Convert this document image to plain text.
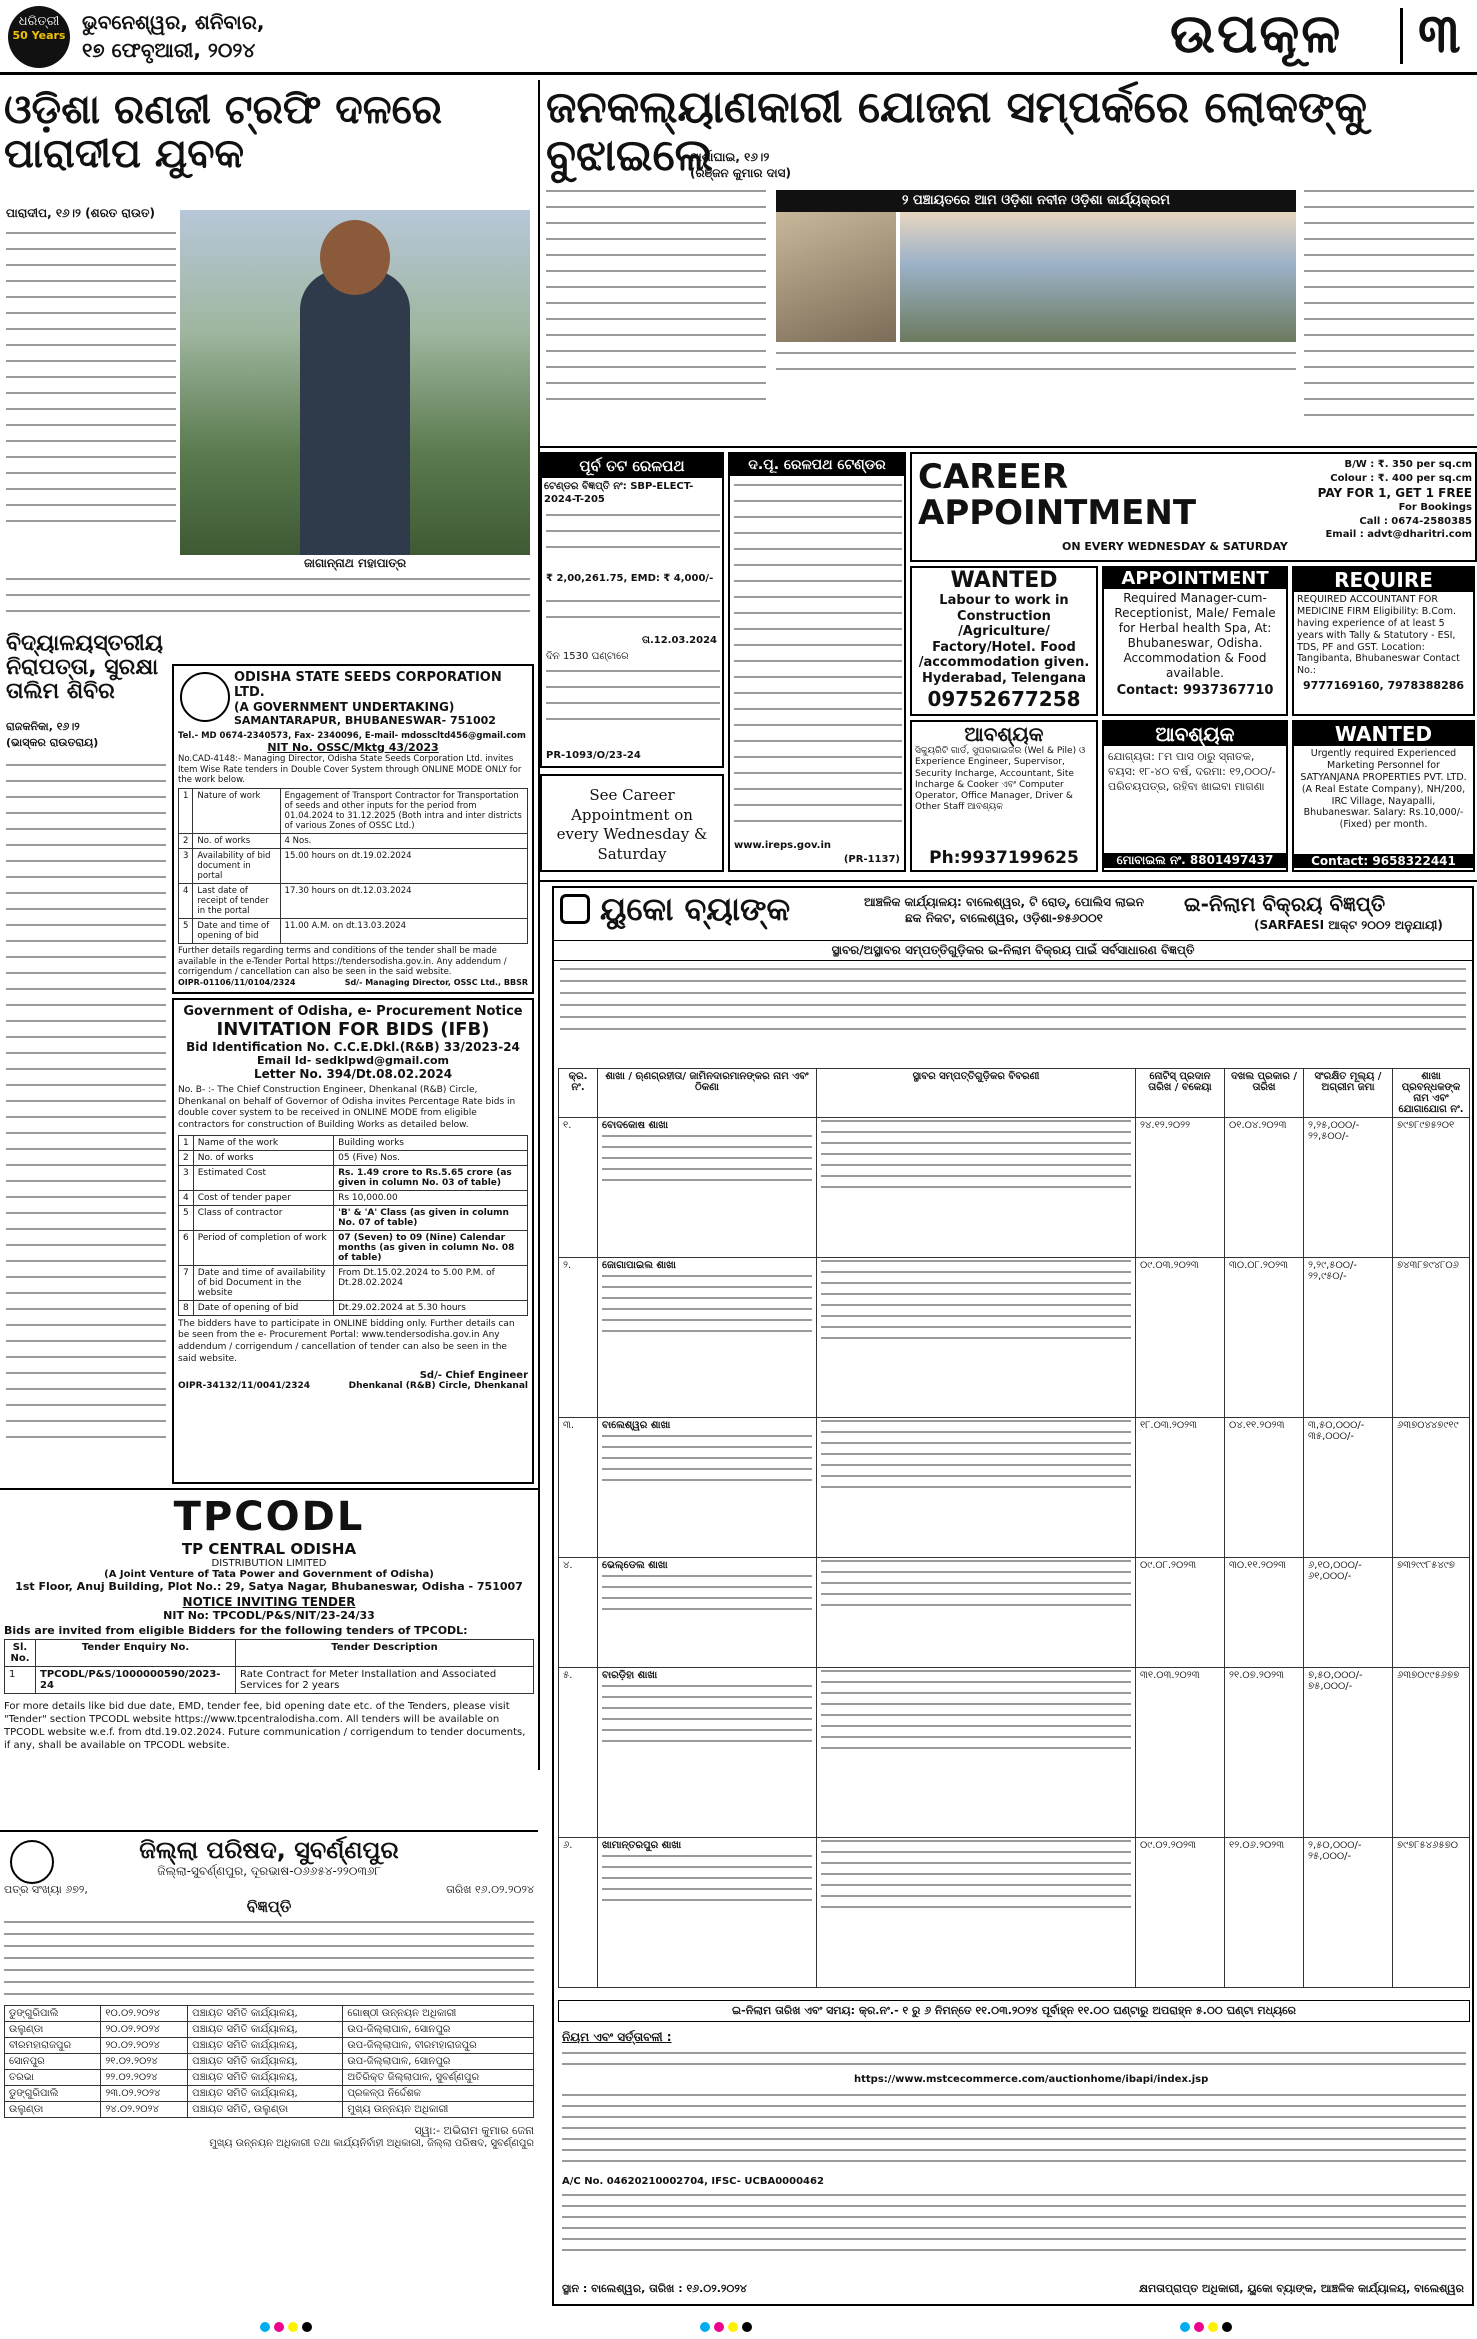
ଧରିତ୍ରୀ
50 Years
ଭୁବନେଶ୍ୱର, ଶନିବାର,
୧୭ ଫେବୃଆରୀ, ୨୦୨୪	ଉପକୂଳ ୩
ଓଡ଼ିଶା ରଣଜୀ ଟ୍ରଫି ଦଳରେ ପାରାଦୀପ ଯୁବକ
ପାରାଦୀପ, ୧୬।୨ (ଶରତ ରାଉତ)
ଜାଗାନ୍ନାଥ ମହାପାତ୍ର
ଜନକଲ୍ୟାଣକାରୀ ଯୋଜନା ସମ୍ପର୍କରେ ଲୋକଙ୍କୁ ବୁଝାଇଲେ
ମାର୍ଶାଘାଇ, ୧୬।୨
(ରଞ୍ଜନ କୁମାର ଦାସ)
୨ ପଞ୍ଚାୟତରେ ଆମ ଓଡ଼ିଶା ନବୀନ ଓଡ଼ିଶା କାର୍ଯ୍ୟକ୍ରମ
ପୂର୍ବ ତଟ ରେଳପଥ
ଟେଣ୍ଡର ବିଜ୍ଞପ୍ତି ନଂ: SBP-ELECT-2024-T-205
₹ 2,00,261.75, EMD: ₹ 4,000/-
ତା.12.03.2024
ଦିନ 1530 ଘଣ୍ଟାରେ
PR-1093/O/23-24
ଦ.ପୂ. ରେଳପଥ ଟେଣ୍ଡର
www.ireps.gov.in
(PR-1137)
See Career Appointment on every Wednesday & Saturday
CAREER APPOINTMENT
ON EVERY WEDNESDAY & SATURDAY
B/W : ₹. 350 per sq.cm
Colour : ₹. 400 per sq.cm
PAY FOR 1, GET 1 FREE
For Bookings
Call : 0674-2580385
Email : advt@dharitri.com
WANTED
Labour to work in Construction /Agriculture/ Factory/Hotel. Food /accommodation given. Hyderabad, Telengana
09752677258
APPOINTMENT
Required Manager-cum-Receptionist, Male/ Female for Herbal health Spa, At: Bhubaneswar, Odisha. Accommodation & Food available.
Contact: 9937367710
REQUIRE
REQUIRED ACCOUNTANT FOR MEDICINE FIRM Eligibility: B.Com. having experience of at least 5 years with Tally & Statutory - ESI, TDS, PF and GST. Location: Tangibanta, Bhubaneswar Contact No.:
9777169160, 7978388286
ଆବଶ୍ୟକ
ସିକ୍ୟୁରିଟି ଗାର୍ଡ, ସୁପରଭାଇଜର (Wel & Pile) ଓ Experience Engineer, Supervisor, Security Incharge, Accountant, Site Incharge & Cooker ଏବଂ Computer Operator, Office Manager, Driver & Other Staff ଆବଶ୍ୟକ
Ph:9937199625
ଆବଶ୍ୟକ
ଯୋଗ୍ୟତା: ୮ମ ପାସ ଠାରୁ ସ୍ନାତକ, ବୟସ: ୧୮-୪୦ ବର୍ଷ, ଦରମା: ୧୨,୦୦୦/- ପରିଚୟପତ୍ର, ରହିବା ଖାଇବା ମାଗଣା
ମୋବାଇଲ ନଂ. 8801497437
WANTED
Urgently required Experienced Marketing Personnel for SATYANJANA PROPERTIES PVT. LTD. (A Real Estate Company), NH/200, IRC Village, Nayapalli, Bhubaneswar. Salary: Rs.10,000/- (Fixed) per month.
Contact: 9658322441
ବିଦ୍ୟାଳୟସ୍ତରୀୟ ନିରାପତ୍ତା, ସୁରକ୍ଷା ତାଲିମ ଶିବିର
ରାଜକନିକା, ୧୬।୨
(ଭାସ୍କର ରାଉତରାୟ)
ODISHA STATE SEEDS CORPORATION LTD.
(A GOVERNMENT UNDERTAKING)
SAMANTARAPUR, BHUBANESWAR- 751002
Tel.- MD 0674-2340573, Fax- 2340096, E-mail- mdosscltd456@gmail.com
NIT No. OSSC/Mktg 43/2023
No.CAD-4148:- Managing Director, Odisha State Seeds Corporation Ltd. invites Item Wise Rate tenders in Double Cover System through ONLINE MODE ONLY for the work below.
1	Nature of work	Engagement of Transport Contractor for Transportation of seeds and other inputs for the period from 01.04.2024 to 31.12.2025 (Both intra and inter districts of various Zones of OSSC Ltd.)
2	No. of works	4 Nos.
3	Availability of bid document in portal	15.00 hours on dt.19.02.2024
4	Last date of receipt of tender in the portal	17.30 hours on dt.12.03.2024
5	Date and time of opening of bid	11.00 A.M. on dt.13.03.2024
Further details regarding terms and conditions of the tender shall be made available in the e-Tender Portal https://tendersodisha.gov.in. Any addendum / corrigendum / cancellation can also be seen in the said website.
OIPR-01106/11/0104/2324	Sd/- Managing Director, OSSC Ltd., BBSR
Government of Odisha, e- Procurement Notice
INVITATION FOR BIDS (IFB)
Bid Identification No. C.C.E.Dkl.(R&B) 33/2023-24
Email Id- sedklpwd@gmail.com
Letter No. 394/Dt.08.02.2024
No. B- :- The Chief Construction Engineer, Dhenkanal (R&B) Circle, Dhenkanal on behalf of Governor of Odisha invites Percentage Rate bids in double cover system to be received in ONLINE MODE from eligible contractors for construction of Building Works as detailed below.
1	Name of the work	Building works
2	No. of works	05 (Five) Nos.
3	Estimated Cost	Rs. 1.49 crore to Rs.5.65 crore (as given in column No. 03 of table)
4	Cost of tender paper	Rs 10,000.00
5	Class of contractor	'B' & 'A' Class (as given in column No. 07 of table)
6	Period of completion of work	07 (Seven) to 09 (Nine) Calendar months (as given in column No. 08 of table)
7	Date and time of availability of bid Document in the website	From Dt.15.02.2024 to 5.00 P.M. of Dt.28.02.2024
8	Date of opening of bid	Dt.29.02.2024 at 5.30 hours
The bidders have to participate in ONLINE bidding only. Further details can be seen from the e- Procurement Portal: www.tendersodisha.gov.in Any addendum / corrigendum / cancellation of tender can also be seen in the said website.
Sd/- Chief Engineer
OIPR-34132/11/0041/2324	Dhenkanal (R&B) Circle, Dhenkanal
TPCODL
TP CENTRAL ODISHA
DISTRIBUTION LIMITED
(A Joint Venture of Tata Power and Government of Odisha)
1st Floor, Anuj Building, Plot No.: 29, Satya Nagar, Bhubaneswar, Odisha - 751007
NOTICE INVITING TENDER
NIT No: TPCODL/P&S/NIT/23-24/33
Bids are invited from eligible Bidders for the following tenders of TPCODL:
Sl. No.	Tender Enquiry No.	Tender Description
1	TPCODL/P&S/1000000590/2023-24	Rate Contract for Meter Installation and Associated Services for 2 years
For more details like bid due date, EMD, tender fee, bid opening date etc. of the Tenders, please visit "Tender" section TPCODL website https://www.tpcentralodisha.com. All tenders will be available on TPCODL website w.e.f. from dtd.19.02.2024. Future communication / corrigendum to tender documents, if any, shall be available on TPCODL website.
ଜିଲ୍ଲା ପରିଷଦ, ସୁବର୍ଣ୍ଣପୁର
ଜିଲ୍ଲା-ସୁବର୍ଣ୍ଣପୁର, ଦୂରଭାଷ-୦୬୬୫୪-୨୨୦୩୬୮
ପତ୍ର ସଂଖ୍ୟା ୬୭୨,	ତାରିଖ ୧୬.୦୨.୨୦୨୪
ବିଜ୍ଞପ୍ତି
ଡୁଙ୍ଗୁରିପାଲି	୧୦.୦୨.୨୦୨୪	ପଞ୍ଚାୟତ ସମିତି କାର୍ଯ୍ୟାଳୟ,	ଗୋଷ୍ଠୀ ଉନ୍ନୟନ ଅଧିକାରୀ
ଉଲୁଣ୍ଡା	୨୦.୦୨.୨୦୨୪	ପଞ୍ଚାୟତ ସମିତି କାର୍ଯ୍ୟାଳୟ,	ଉପ-ଜିଲ୍ଲାପାଳ, ସୋନପୁର
ବୀରମହାରାଜପୁର	୨୦.୦୨.୨୦୨୪	ପଞ୍ଚାୟତ ସମିତି କାର୍ଯ୍ୟାଳୟ,	ଉପ-ଜିଲ୍ଲାପାଳ, ବୀରମହାରାଜପୁର
ସୋନପୁର	୨୧.୦୨.୨୦୨୪	ପଞ୍ଚାୟତ ସମିତି କାର୍ଯ୍ୟାଳୟ,	ଉପ-ଜିଲ୍ଲାପାଳ, ସୋନପୁର
ତରଭା	୨୨.୦୨.୨୦୨୪	ପଞ୍ଚାୟତ ସମିତି କାର୍ଯ୍ୟାଳୟ,	ଅତିରିକ୍ତ ଜିଲ୍ଲାପାଳ, ସୁବର୍ଣ୍ଣପୁର
ଡୁଙ୍ଗୁରିପାଲି	୨୩.୦୨.୨୦୨୪	ପଞ୍ଚାୟତ ସମିତି କାର୍ଯ୍ୟାଳୟ,	ପ୍ରକଳ୍ପ ନିର୍ଦ୍ଦେଶକ
ଉଲୁଣ୍ଡା	୨୪.୦୨.୨୦୨୪	ପଞ୍ଚାୟତ ସମିତି, ଉଲୁଣ୍ଡା	ମୁଖ୍ୟ ଉନ୍ନୟନ ଅଧିକାରୀ
ସ୍ୱା:- ଅଭିରାମ କୁମାର ଜେନା
ମୁଖ୍ୟ ଉନ୍ନୟନ ଅଧିକାରୀ ତଥା କାର୍ଯ୍ୟନିର୍ବାହୀ ଅଧିକାରୀ, ଜିଲ୍ଲା ପରିଷଦ, ସୁବର୍ଣ୍ଣପୁର
ୟୁକୋ ବ୍ୟାଙ୍କ	ଆଞ୍ଚଳିକ କାର୍ଯ୍ୟାଳୟ: ବାଲେଶ୍ୱର, ଟି ରୋଡ୍, ପୋଲିସ ଲାଇନ ଛକ ନିକଟ, ବାଲେଶ୍ୱର, ଓଡ଼ିଶା-୭୫୬୦୦୧
ଇ-ନିଲାମ ବିକ୍ରୟ ବିଜ୍ଞପ୍ତି
(SARFAESI ଆକ୍ଟ ୨୦୦୨ ଅନୁଯାୟୀ)
ସ୍ଥାବର/ଅସ୍ଥାବର ସମ୍ପତ୍ତିଗୁଡ଼ିକର ଇ-ନିଲାମ ବିକ୍ରୟ ପାଇଁ ସର୍ବସାଧାରଣ ବିଜ୍ଞପ୍ତି
କ୍ର. ନଂ.	ଶାଖା / ଋଣଗ୍ରହୀତା/ ଜାମିନଦାରମାନଙ୍କର ନାମ ଏବଂ ଠିକଣା	ସ୍ଥାବର ସମ୍ପତ୍ତିଗୁଡ଼ିକର ବିବରଣୀ	ନୋଟିସ୍ ପ୍ରଦାନ ତାରିଖ / ବକେୟା	ଦଖଲ ପ୍ରକାର / ତାରିଖ	ସଂରକ୍ଷିତ ମୂଲ୍ୟ / ଅଗ୍ରୀମ ଜମା	ଶାଖା ପ୍ରବନ୍ଧକଙ୍କ ନାମ ଏବଂ ଯୋଗାଯୋଗ ନଂ.
୧.	ବୋଦକୋଷ ଶାଖା		୨୪.୧୨.୨୦୨୨	୦୧.୦୪.୨୦୨୩	୨,୨୫,୦୦୦/-
୨୨,୫୦୦/-	୭୯୭୮୯୭୫୨୦୧
୨.	ଜୋଗାପାଇଲ ଶାଖା		୦୯.୦୩.୨୦୨୩	୩୦.୦୮.୨୦୨୩	୨,୨୯,୫୦୦/-
୨୨,୯୫୦/-	୭୪୩୮୭୯୪୮୦୬
୩.	ବାଲେଶ୍ୱର ଶାଖା		୧୮.୦୩.୨୦୨୩	୦୪.୧୧.୨୦୨୩	୩,୫୦,୦୦୦/-
୩୫,୦୦୦/-	୬୩୭୦୪୪୭୯୧୯
୪.	ଭେଲ୍ଡେଲ ଶାଖା		୦୯.୦୮.୨୦୨୩	୩୦.୧୧.୨୦୨୩	୬,୧୦,୦୦୦/-
୬୧,୦୦୦/-	୭୩୨୯୯୮୫୪୯୭
୫.	ବାରଡ଼ିହା ଶାଖା		୩୧.୦୩.୨୦୨୩	୨୧.୦୭.୨୦୨୩	୭,୫୦,୦୦୦/-
୭୫,୦୦୦/-	୬୩୭୦୯୯୫୬୭୭
୬.	ଖାମାନ୍ତରପୁର ଶାଖା		୦୯.୦୨.୨୦୨୩	୧୨.୦୬.୨୦୨୩	୨,୫୦,୦୦୦/-
୨୫,୦୦୦/-	୭୯୭୮୫୪୬୫୭୦
ଇ-ନିଲାମ ତାରିଖ ଏବଂ ସମୟ: କ୍ର.ନଂ.- ୧ ରୁ ୬ ନିମନ୍ତେ ୧୧.୦୩.୨୦୨୪ ପୂର୍ବାହ୍ନ ୧୧.୦୦ ଘଣ୍ଟାରୁ ଅପରାହ୍ନ ୫.୦୦ ଘଣ୍ଟା ମଧ୍ୟରେ
ନିୟମ ଏବଂ ସର୍ତ୍ତାବଳୀ :
https://www.mstcecommerce.com/auctionhome/ibapi/index.jsp
A/C No. 04620210002704, IFSC- UCBA0000462
ସ୍ଥାନ : ବାଲେଶ୍ୱର, ତାରିଖ : ୧୬.୦୨.୨୦୨୪	କ୍ଷମତାପ୍ରାପ୍ତ ଅଧିକାରୀ, ୟୁକୋ ବ୍ୟାଙ୍କ, ଆଞ୍ଚଳିକ କାର୍ଯ୍ୟାଳୟ, ବାଲେଶ୍ୱର
